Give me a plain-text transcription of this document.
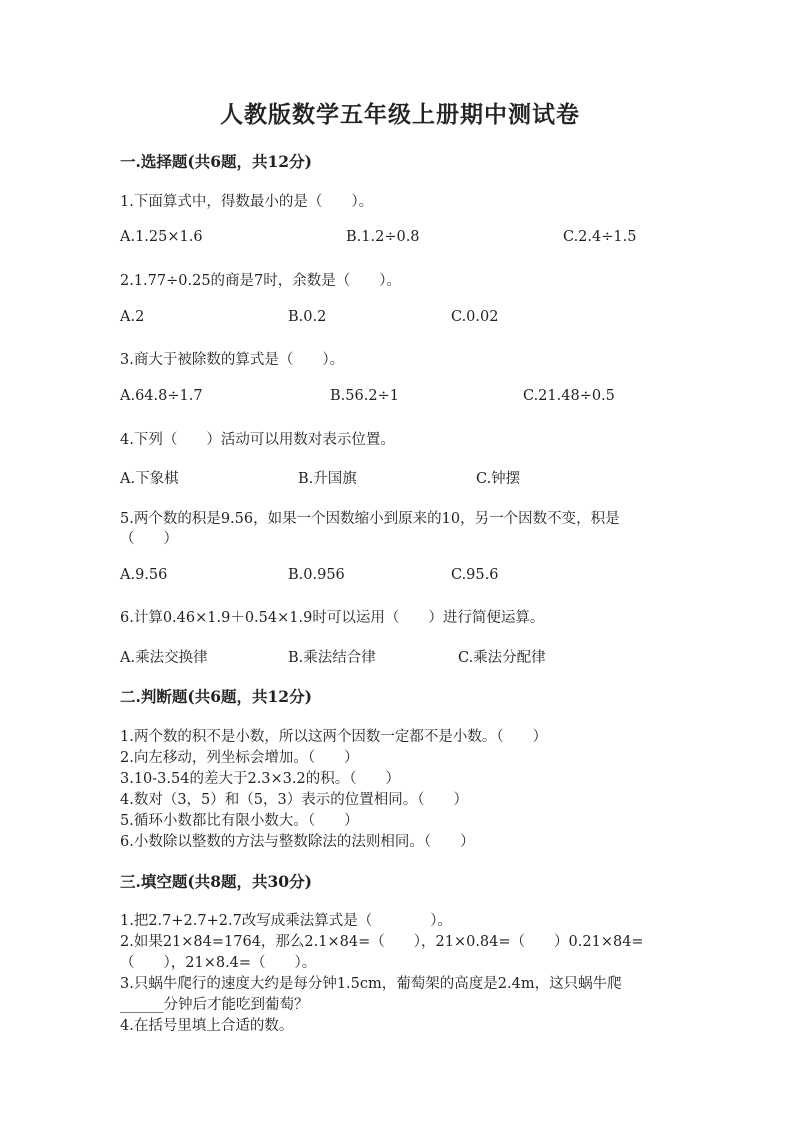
人教版数学五年级上册期中测试卷
一.选择题(共6题，共12分)
1.下面算式中，得数最小的是（　　）。
A.1.25×1.6	B.1.2÷0.8	C.2.4÷1.5
2.1.77÷0.25的商是7时，余数是（　　）。
A.2	B.0.2	C.0.02
3.商大于被除数的算式是（　　）。
A.64.8÷1.7	B.56.2÷1	C.21.48÷0.5
4.下列（　　）活动可以用数对表示位置。
A.下象棋	B.升国旗	C.钟摆
5.两个数的积是9.56，如果一个因数缩小到原来的10，另一个因数不变，积是
（　　）
A.9.56	B.0.956	C.95.6
6.计算0.46×1.9＋0.54×1.9时可以运用（　　）进行简便运算。
A.乘法交换律	B.乘法结合律	C.乘法分配律
二.判断题(共6题，共12分)
1.两个数的积不是小数，所以这两个因数一定都不是小数。（　　）
2.向左移动，列坐标会增加。（　　）
3.10-3.54的差大于2.3×3.2的积。（　　）
4.数对（3，5）和（5，3）表示的位置相同。（　　）
5.循环小数都比有限小数大。（　　）
6.小数除以整数的方法与整数除法的法则相同。（　　）
三.填空题(共8题，共30分)
1.把2.7+2.7+2.7改写成乘法算式是（　　　　）。
2.如果21×84=1764，那么2.1×84=（　　），21×0.84=（　　）0.21×84=
（　　），21×8.4=（　　）。
3.只蜗牛爬行的速度大约是每分钟1.5cm，葡萄架的高度是2.4m，这只蜗牛爬
______分钟后才能吃到葡萄？
4.在括号里填上合适的数。
